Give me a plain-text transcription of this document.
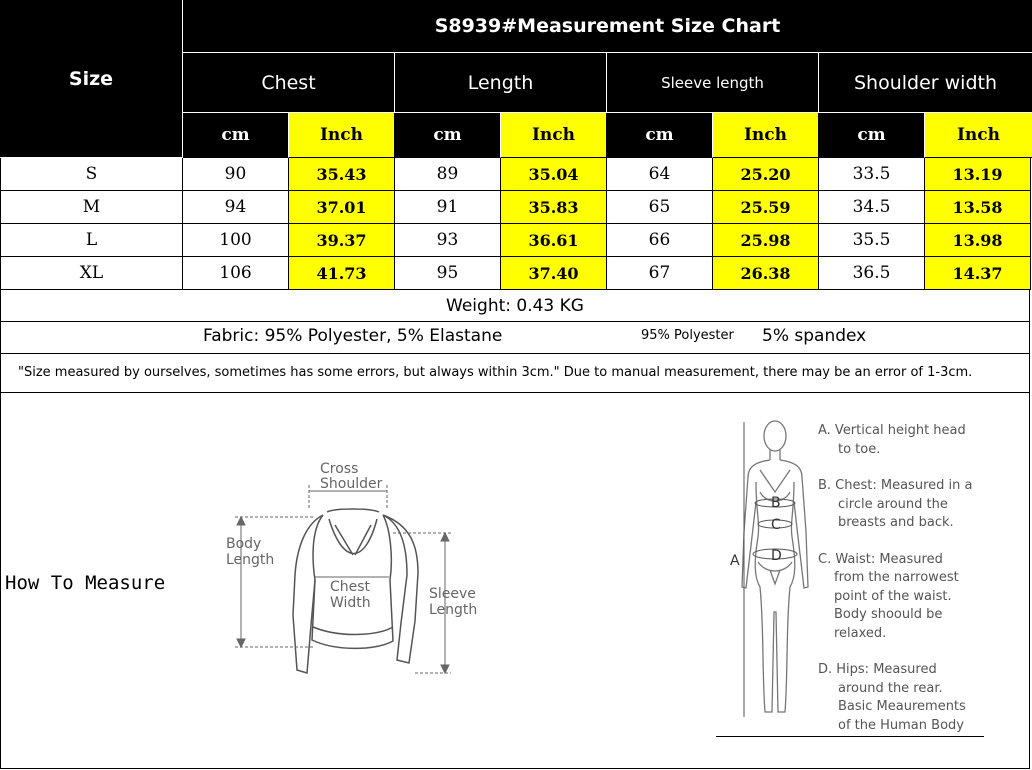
Size
S8939#Measurement Size Chart
Chest	Length	Sleeve length	Shoulder width
cm	Inch	cm	Inch	cm	Inch	cm	Inch
S	90	35.43	89	35.04	64	25.20	33.5	13.19
M	94	37.01	91	35.83	65	25.59	34.5	13.58
L	100	39.37	93	36.61	66	25.98	35.5	13.98
XL	106	41.73	95	37.40	67	26.38	36.5	14.37
Weight: 0.43 KG
Fabric: 95% Polyester, 5% Elastane	95% Polyester 5% spandex
"Size measured by ourselves, sometimes has some errors, but always within 3cm." Due to manual measurement, there may be an error of 1-3cm.
How To Measure
Cross
Shoulder
Body
Length
Chest
Width
Sleeve
Length
A
B
C
D
A. Vertical height head
to toe.
B. Chest: Measured in a
circle around the
breasts and back.
C. Waist: Measured
from the narrowest
point of the waist.
Body shoould be
relaxed.
D. Hips: Measured
around the rear.
Basic Meaurements
of the Human Body
